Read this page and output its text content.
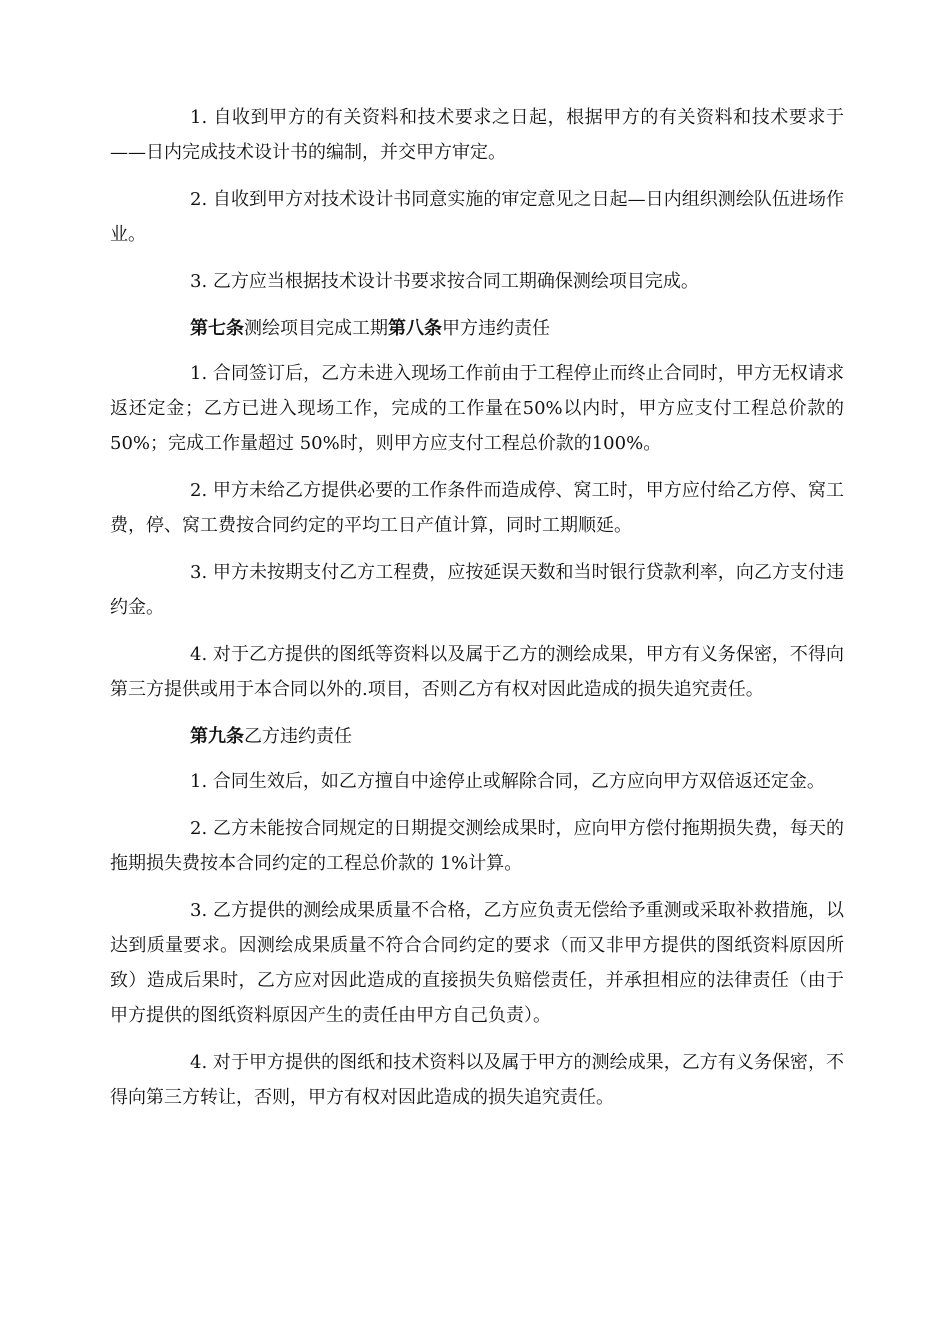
1. 自收到甲方的有关资料和技术要求之日起，根据甲方的有关资料和技术要求于——日内完成技术设计书的编制，并交甲方审定。

2. 自收到甲方对技术设计书同意实施的审定意见之日起—日内组织测绘队伍进场作业。

3. 乙方应当根据技术设计书要求按合同工期确保测绘项目完成。

第七条测绘项目完成工期第八条甲方违约责任

1. 合同签订后，乙方未进入现场工作前由于工程停止而终止合同时，甲方无权请求返还定金；乙方已进入现场工作，完成的工作量在50%以内时，甲方应支付工程总价款的 50%；完成工作量超过 50%时，则甲方应支付工程总价款的100%。

2. 甲方未给乙方提供必要的工作条件而造成停、窝工时，甲方应付给乙方停、窝工费，停、窝工费按合同约定的平均工日产值计算，同时工期顺延。

3. 甲方未按期支付乙方工程费，应按延误天数和当时银行贷款利率，向乙方支付违约金。

4. 对于乙方提供的图纸等资料以及属于乙方的测绘成果，甲方有义务保密，不得向第三方提供或用于本合同以外的.项目，否则乙方有权对因此造成的损失追究责任。

第九条乙方违约责任

1. 合同生效后，如乙方擅自中途停止或解除合同，乙方应向甲方双倍返还定金。

2. 乙方未能按合同规定的日期提交测绘成果时，应向甲方偿付拖期损失费，每天的拖期损失费按本合同约定的工程总价款的 1%计算。

3. 乙方提供的测绘成果质量不合格，乙方应负责无偿给予重测或采取补救措施，以达到质量要求。因测绘成果质量不符合合同约定的要求（而又非甲方提供的图纸资料原因所致）造成后果时，乙方应对因此造成的直接损失负赔偿责任，并承担相应的法律责任（由于甲方提供的图纸资料原因产生的责任由甲方自己负责）。

4. 对于甲方提供的图纸和技术资料以及属于甲方的测绘成果，乙方有义务保密，不得向第三方转让，否则，甲方有权对因此造成的损失追究责任。
